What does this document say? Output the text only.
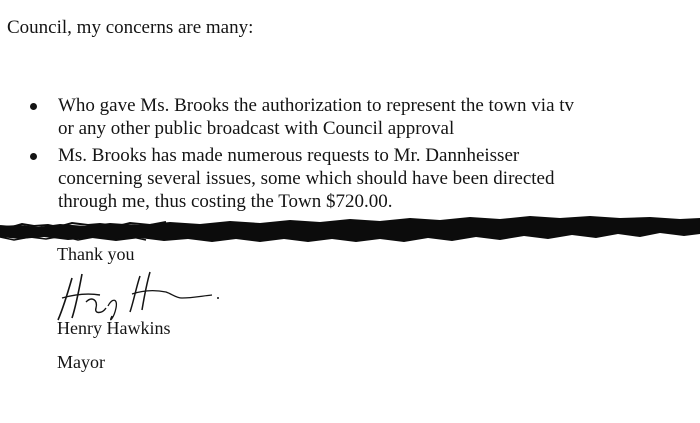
Council, my concerns are many:
Who gave Ms. Brooks the authorization to represent the town via tv
or any other public broadcast with Council approval
Ms. Brooks has made numerous requests to Mr. Dannheisser
concerning several issues, some which should have been directed
through me, thus costing the Town $720.00.
Thank you
Henry Hawkins
Mayor
